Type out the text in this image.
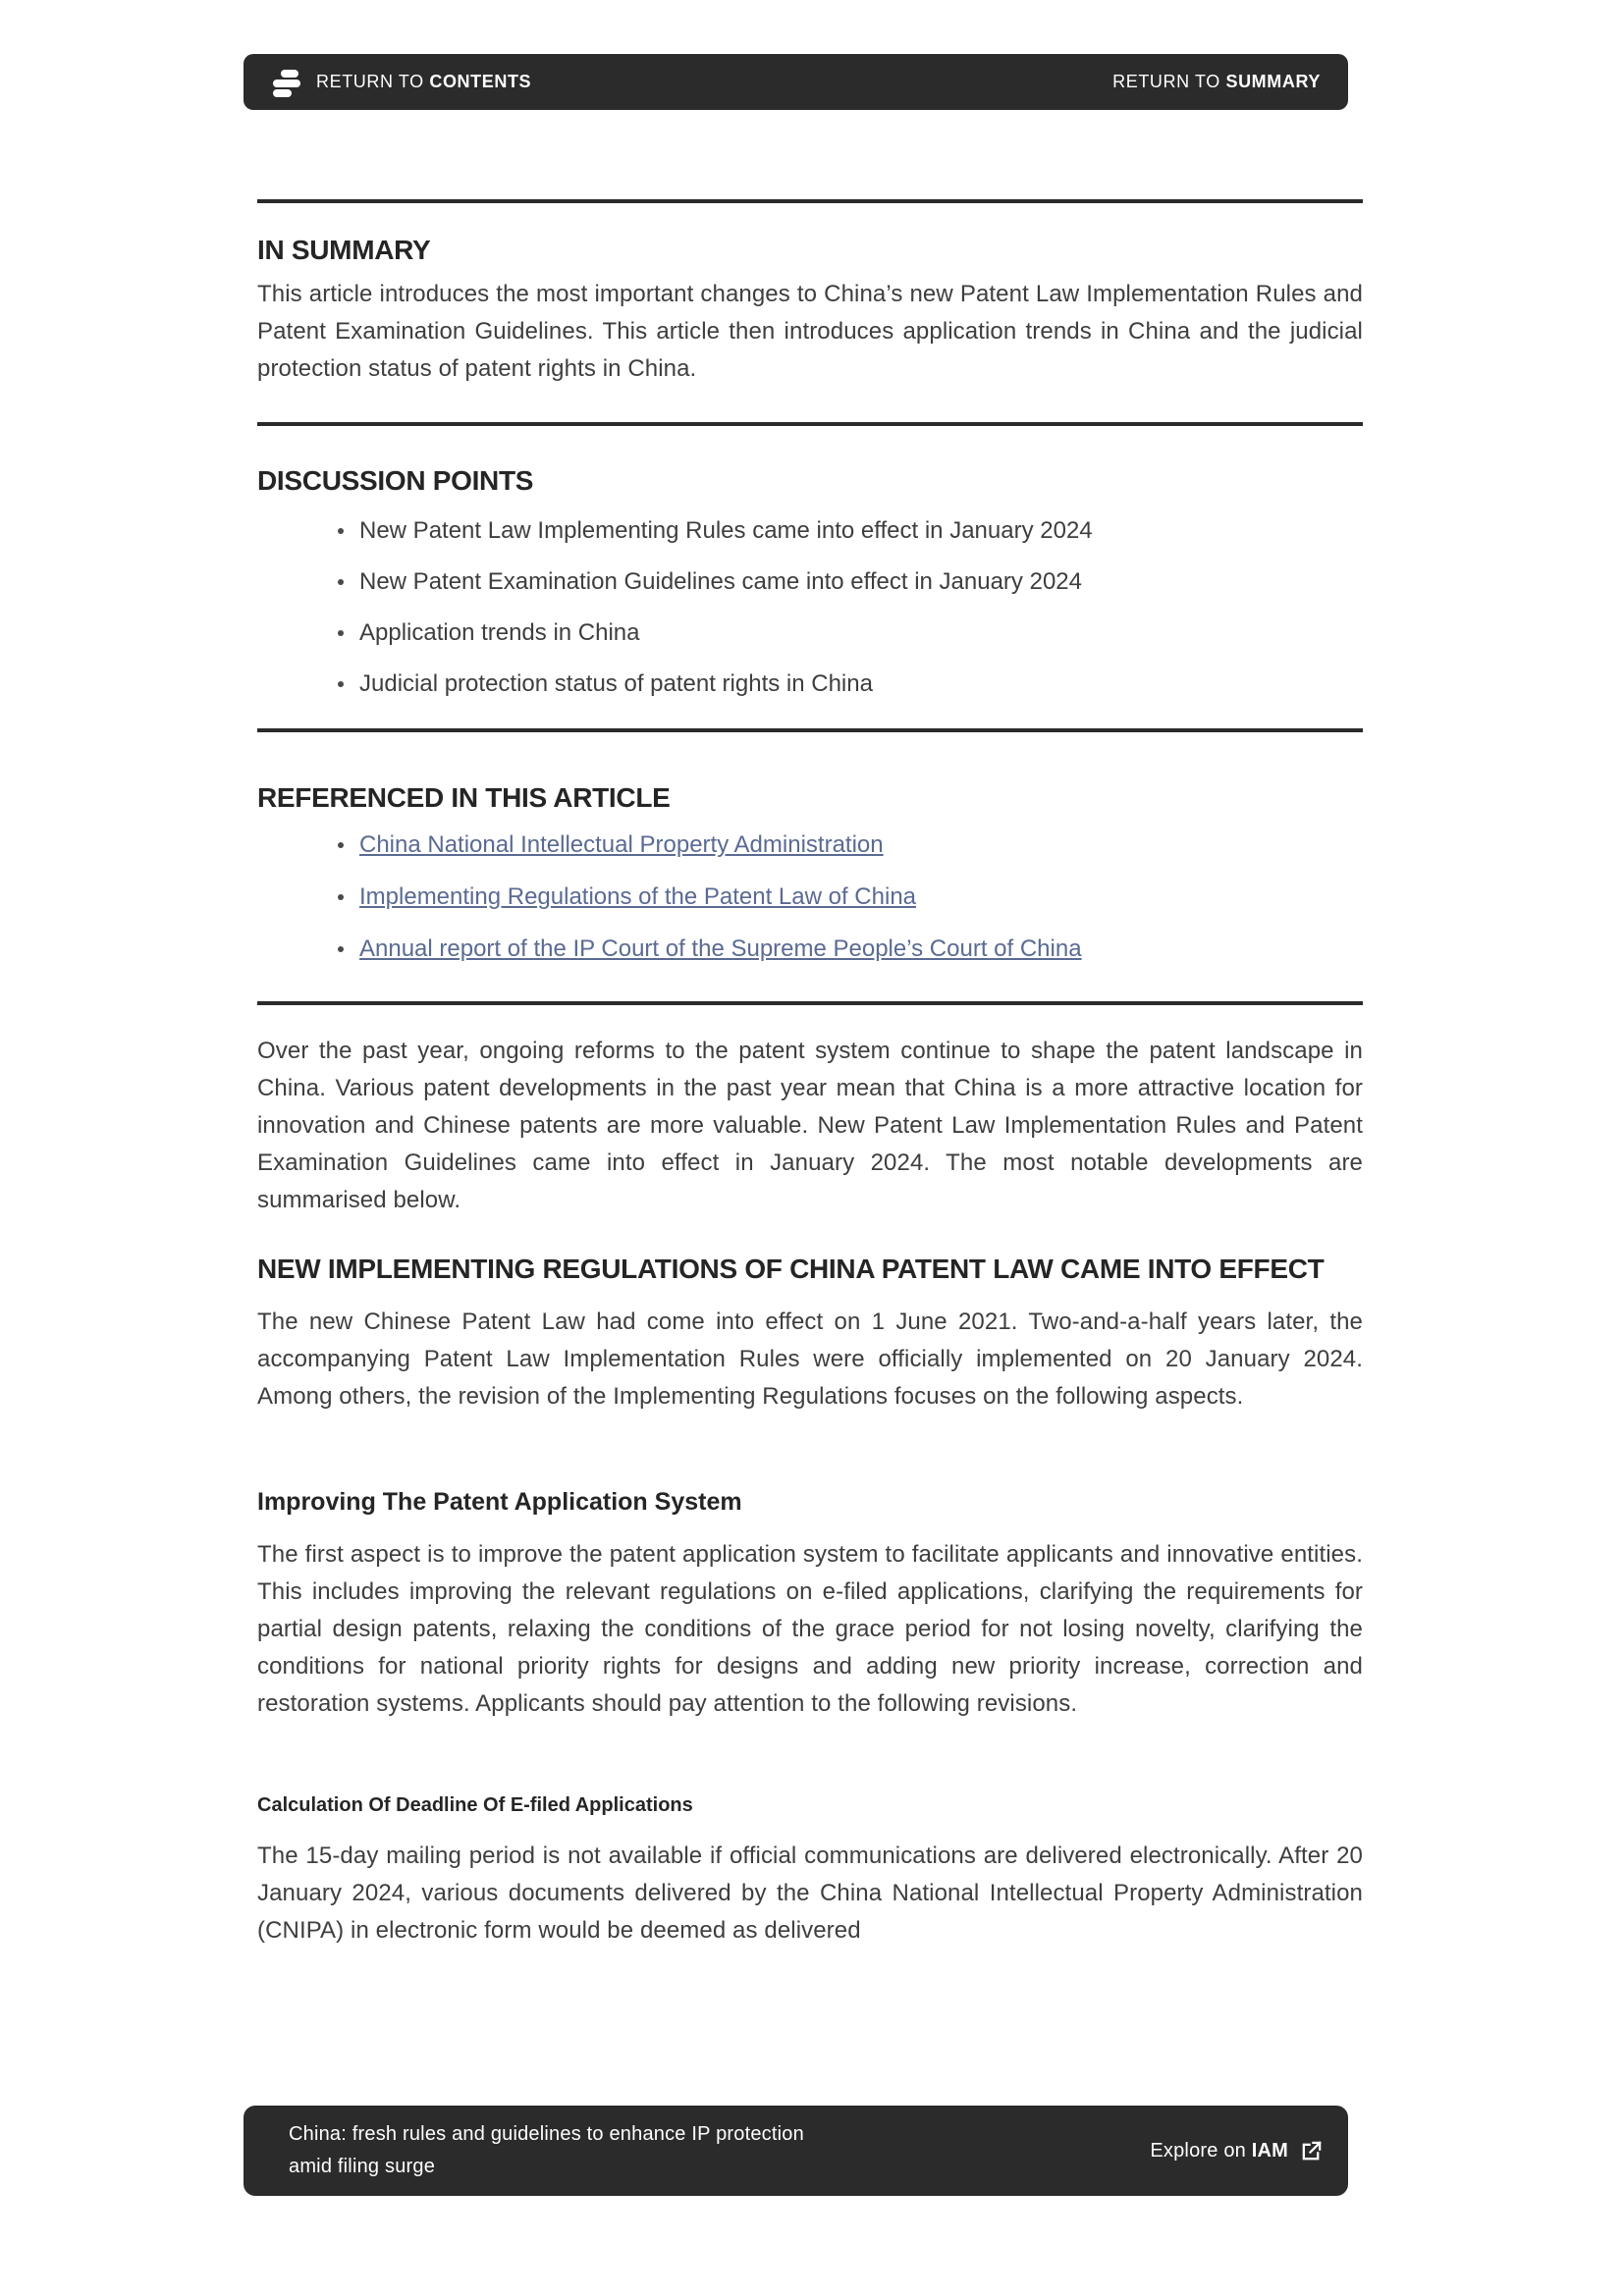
RETURN TO CONTENTS	RETURN TO SUMMARY
IN SUMMARY
This article introduces the most important changes to China’s new Patent Law Implementation Rules and Patent Examination Guidelines. This article then introduces application trends in China and the judicial protection status of patent rights in China.
DISCUSSION POINTS
New Patent Law Implementing Rules came into effect in January 2024
New Patent Examination Guidelines came into effect in January 2024
Application trends in China
Judicial protection status of patent rights in China
REFERENCED IN THIS ARTICLE
China National Intellectual Property Administration
Implementing Regulations of the Patent Law of China
Annual report of the IP Court of the Supreme People’s Court of China
Over the past year, ongoing reforms to the patent system continue to shape the patent landscape in China. Various patent developments in the past year mean that China is a more attractive location for innovation and Chinese patents are more valuable. New Patent Law Implementation Rules and Patent Examination Guidelines came into effect in January 2024. The most notable developments are summarised below.
NEW IMPLEMENTING REGULATIONS OF CHINA PATENT LAW CAME INTO EFFECT
The new Chinese Patent Law had come into effect on 1 June 2021. Two-and-a-half years later, the accompanying Patent Law Implementation Rules were officially implemented on 20 January 2024. Among others, the revision of the Implementing Regulations focuses on the following aspects.
Improving The Patent Application System
The first aspect is to improve the patent application system to facilitate applicants and innovative entities. This includes improving the relevant regulations on e-filed applications, clarifying the requirements for partial design patents, relaxing the conditions of the grace period for not losing novelty, clarifying the conditions for national priority rights for designs and adding new priority increase, correction and restoration systems. Applicants should pay attention to the following revisions.
Calculation Of Deadline Of E-filed Applications
The 15-day mailing period is not available if official communications are delivered electronically. After 20 January 2024, various documents delivered by the China National Intellectual Property Administration (CNIPA) in electronic form would be deemed as delivered
China: fresh rules and guidelines to enhance IP protection
amid filing surge
Explore on IAM
